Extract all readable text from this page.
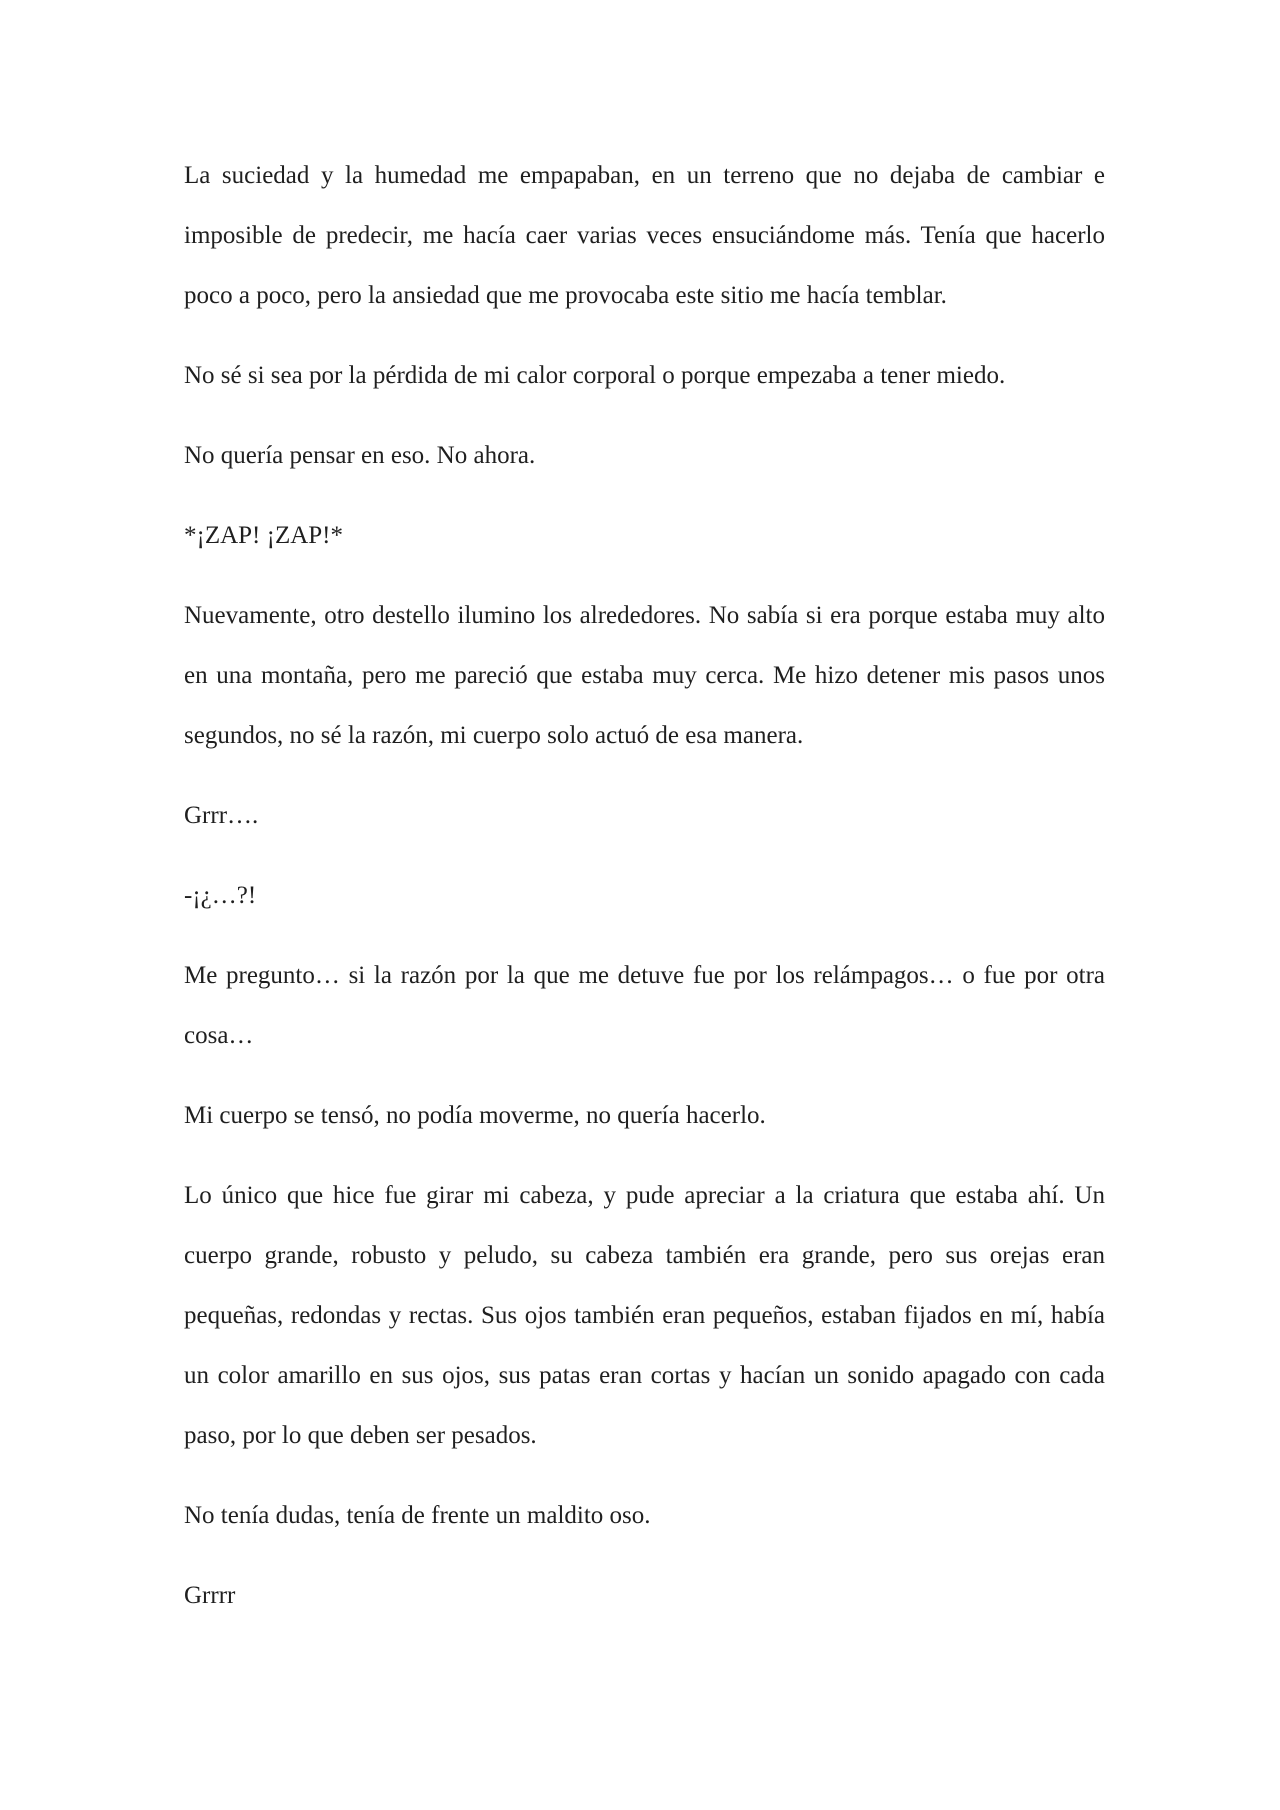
La suciedad y la humedad me empapaban, en un terreno que no dejaba de cambiar e imposible de predecir, me hacía caer varias veces ensuciándome más. Tenía que hacerlo poco a poco, pero la ansiedad que me provocaba este sitio me hacía temblar.

No sé si sea por la pérdida de mi calor corporal o porque empezaba a tener miedo.

No quería pensar en eso. No ahora.

*¡ZAP! ¡ZAP!*

Nuevamente, otro destello ilumino los alrededores. No sabía si era porque estaba muy alto en una montaña, pero me pareció que estaba muy cerca. Me hizo detener mis pasos unos segundos, no sé la razón, mi cuerpo solo actuó de esa manera.

Grrr….

-¡¿…?!

Me pregunto… si la razón por la que me detuve fue por los relámpagos… o fue por otra cosa…

Mi cuerpo se tensó, no podía moverme, no quería hacerlo.

Lo único que hice fue girar mi cabeza, y pude apreciar a la criatura que estaba ahí. Un cuerpo grande, robusto y peludo, su cabeza también era grande, pero sus orejas eran pequeñas, redondas y rectas. Sus ojos también eran pequeños, estaban fijados en mí, había un color amarillo en sus ojos, sus patas eran cortas y hacían un sonido apagado con cada paso, por lo que deben ser pesados.

No tenía dudas, tenía de frente un maldito oso.

Grrrr
